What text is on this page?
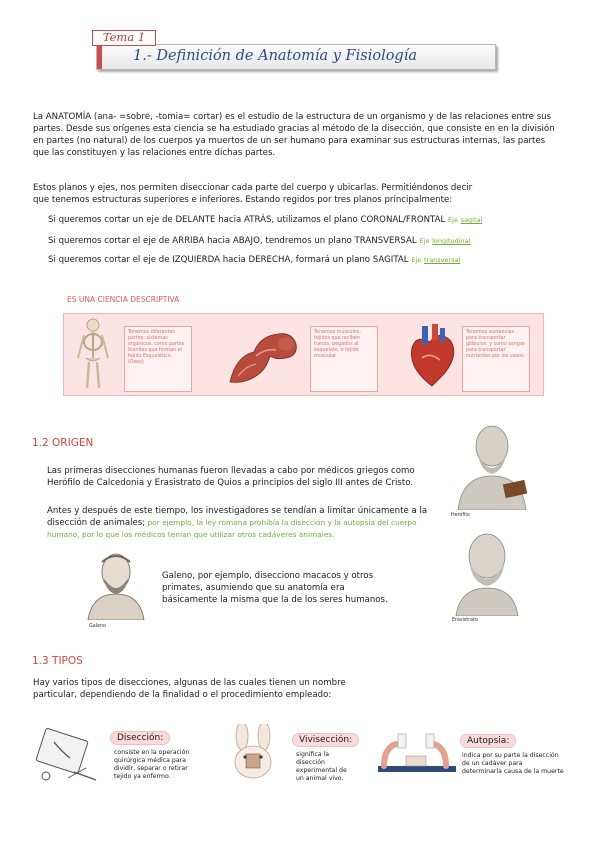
Tema 1
1.- Definición de Anatomía y Fisiología
La ANATOMÍA (ana- =sobre, -tomia= cortar) es el estudio de la estructura de un organismo y de las relaciones entre sus
partes. Desde sus orígenes esta ciencia se ha estudiado gracias al método de la disección, que consiste en en la división
en partes (no natural) de los cuerpos ya muertos de un ser humano para examinar sus estructuras internas, las partes
que las constituyen y las relaciones entre dichas partes.
Estos planos y ejes, nos permiten diseccionar cada parte del cuerpo y ubicarlas. Permitiéndonos decir
que tenemos estructuras superiores e inferiores. Estando regidos por tres planos principalmente:
Si queremos cortar un eje de DELANTE hacia ATRÁS, utilizamos el plano CORONAL/FRONTAL Eje sagital
Si queremos cortar el eje de ARRIBA hacia ABAJO, tendremos un plano TRANSVERSAL Eje longitudinal
Si queremos cortar el eje de IZQUIERDA hacia DERECHA, formará un plano SAGITAL Eje transversal
ES UNA CIENCIA DESCRIPTIVA
Tenemos diferentes partes: sistemas orgánicos, como partes blandas que forman el tejido Esquelético, (Óseo)
Tenemos músculos, tejidos que reciben fuerza, pegados al esqueleto, o tejido muscular
Tenemos sustancias para transportar glóbulos, y como sangre para transportar nutrientes por los vasos.
1.2 ORIGEN
Las primeras disecciones humanas fueron llevadas a cabo por médicos griegos como
Herófilo de Calcedonia y Erasistrato de Quios a principios del siglo III antes de Cristo.
Antes y después de este tiempo, los investigadores se tendían a limitar únicamente a la
disección de animales; por ejemplo, la ley romana prohibía la disección y la autopsia del cuerpo
humano, por lo que los médicos tenían que utilizar otros cadáveres animales.
Herófilo
Galeno
Galeno, por ejemplo, disecciono macacos y otros
primates, asumiendo que su anatomía era
básicamente la misma que la de los seres humanos.
Erasistrato
1.3 TIPOS
Hay varios tipos de disecciones, algunas de las cuales tienen un nombre
particular, dependiendo de la finalidad o el procedimiento empleado:
Disección:
consiste en la operación
quirúrgica médica para
dividir, separar o retirar
tejido ya enfermo.
Vivisección:
significa la
disección
experimental de
un animal vivo.
Autopsia:
indica por su parte la disección
de un cadáver para
determinarla causa de la muerte
